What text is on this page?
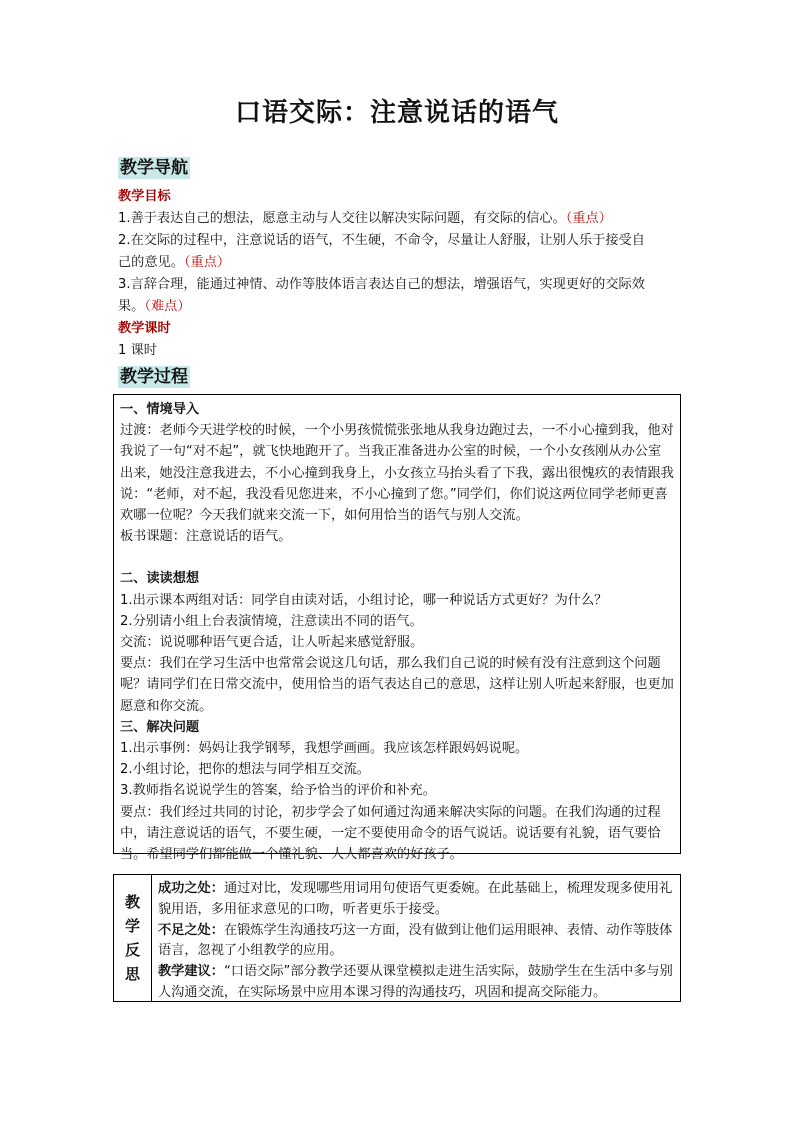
口语交际：注意说话的语气
教学导航
教学目标
1.善于表达自己的想法，愿意主动与人交往以解决实际问题，有交际的信心。（重点）
2.在交际的过程中，注意说话的语气，不生硬，不命令，尽量让人舒服，让别人乐于接受自己的意见。（重点）
3.言辞合理，能通过神情、动作等肢体语言表达自己的想法，增强语气，实现更好的交际效果。（难点）
教学课时
1 课时
教学过程

一、情境导入

过渡：老师今天进学校的时候，一个小男孩慌慌张张地从我身边跑过去，一不小心撞到我，他对我说了一句“对不起”，就飞快地跑开了。当我正准备进办公室的时候，一个小女孩刚从办公室出来，她没注意我进去，不小心撞到我身上，小女孩立马抬头看了下我，露出很愧疚的表情跟我说：“老师，对不起，我没看见您进来，不小心撞到了您。”同学们，你们说这两位同学老师更喜欢哪一位呢？今天我们就来交流一下，如何用恰当的语气与别人交流。

板书课题：注意说话的语气。

二、读读想想

1.出示课本两组对话：同学自由读对话，小组讨论，哪一种说话方式更好？为什么？

2.分别请小组上台表演情境，注意读出不同的语气。

交流：说说哪种语气更合适，让人听起来感觉舒服。

要点：我们在学习生活中也常常会说这几句话，那么我们自己说的时候有没有注意到这个问题呢？请同学们在日常交流中，使用恰当的语气表达自己的意思，这样让别人听起来舒服，也更加愿意和你交流。

三、解决问题

1.出示事例：妈妈让我学钢琴，我想学画画。我应该怎样跟妈妈说呢。

2.小组讨论，把你的想法与同学相互交流。

3.教师指名说说学生的答案，给予恰当的评价和补充。

要点：我们经过共同的讨论，初步学会了如何通过沟通来解决实际的问题。在我们沟通的过程中，请注意说话的语气，不要生硬，一定不要使用命令的语气说话。说话要有礼貌，语气要恰当。希望同学们都能做一个懂礼貌、人人都喜欢的好孩子。

教
学
反
思

成功之处：通过对比，发现哪些用词用句使语气更委婉。在此基础上，梳理发现多使用礼貌用语，多用征求意见的口吻，听者更乐于接受。

不足之处：在锻炼学生沟通技巧这一方面，没有做到让他们运用眼神、表情、动作等肢体语言，忽视了小组教学的应用。

教学建议：“口语交际”部分教学还要从课堂模拟走进生活实际，鼓励学生在生活中多与别人沟通交流，在实际场景中应用本课习得的沟通技巧，巩固和提高交际能力。
